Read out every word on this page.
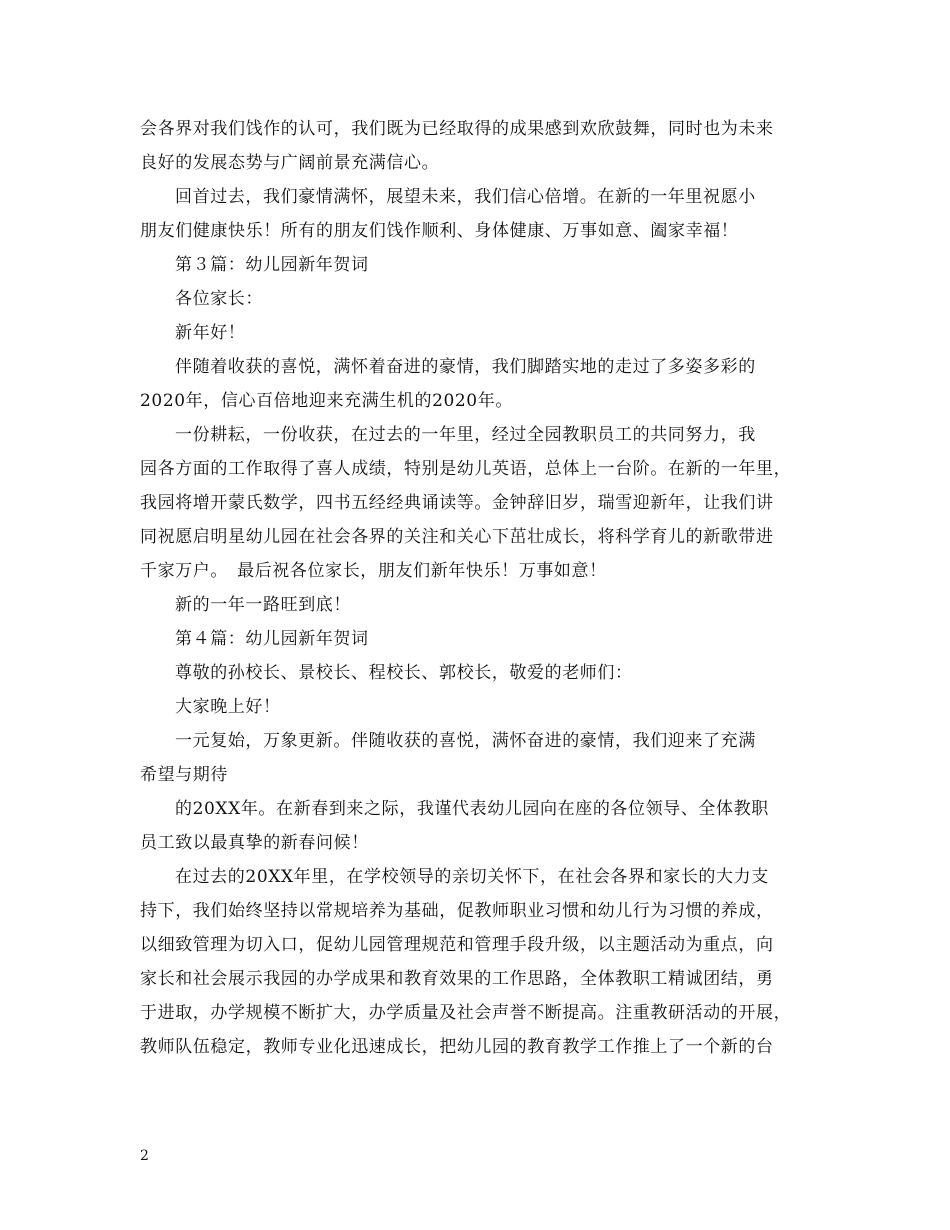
会各界对我们饯作的认可，我们既为已经取得的成果感到欢欣鼓舞，同时也为未来
良好的发展态势与广阔前景充满信心。
回首过去，我们豪情满怀，展望未来，我们信心倍增。在新的一年里祝愿小
朋友们健康快乐！所有的朋友们饯作顺利、身体健康、万事如意、阖家幸福！
第３篇：幼儿园新年贺词
各位家长：
新年好！
伴随着收获的喜悦，满怀着奋进的豪情，我们脚踏实地的走过了多姿多彩的
2020年，信心百倍地迎来充满生机的2020年。
一份耕耘，一份收获，在过去的一年里，经过全园教职员工的共同努力，我
园各方面的工作取得了喜人成绩，特别是幼儿英语，总体上一台阶。在新的一年里，
我园将增开蒙氏数学，四书五经经典诵读等。金钟辞旧岁，瑞雪迎新年，让我们讲
同祝愿启明星幼儿园在社会各界的关注和关心下茁壮成长，将科学育儿的新歌带进
千家万户。　最后祝各位家长，朋友们新年快乐！万事如意！
新的一年一路旺到底！
第４篇：幼儿园新年贺词
尊敬的孙校长、景校长、程校长、郭校长，敬爱的老师们：
大家晚上好！
一元复始，万象更新。伴随收获的喜悦，满怀奋进的豪情，我们迎来了充满
希望与期待
的20XX年。在新春到来之际，我谨代表幼儿园向在座的各位领导、全体教职
员工致以最真挚的新春问候！
在过去的20XX年里，在学校领导的亲切关怀下，在社会各界和家长的大力支
持下，我们始终坚持以常规培养为基础，促教师职业习惯和幼儿行为习惯的养成，
以细致管理为切入口，促幼儿园管理规范和管理手段升级，以主题活动为重点，向
家长和社会展示我园的办学成果和教育效果的工作思路，全体教职工精诚团结，勇
于进取，办学规模不断扩大，办学质量及社会声誉不断提高。注重教研活动的开展，
教师队伍稳定，教师专业化迅速成长，把幼儿园的教育教学工作推上了一个新的台
2
